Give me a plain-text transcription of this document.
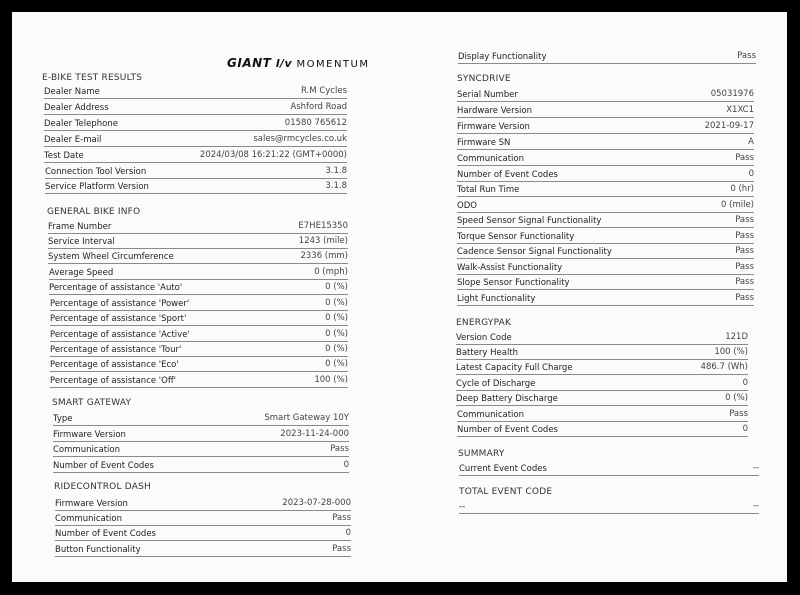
GIANT l/v MOMENTUM
E-BIKE TEST RESULTS
Dealer Name	R.M Cycles
Dealer Address	Ashford Road
Dealer Telephone	01580 765612
Dealer E-mail	sales@rmcycles.co.uk
Test Date	2024/03/08 16:21:22 (GMT+0000)
Connection Tool Version	3.1.8
Service Platform Version	3.1.8
GENERAL BIKE INFO
Frame Number	E7HE15350
Service Interval	1243 (mile)
System Wheel Circumference	2336 (mm)
Average Speed	0 (mph)
Percentage of assistance 'Auto'	0 (%)
Percentage of assistance 'Power'	0 (%)
Percentage of assistance 'Sport'	0 (%)
Percentage of assistance 'Active'	0 (%)
Percentage of assistance 'Tour'	0 (%)
Percentage of assistance 'Eco'	0 (%)
Percentage of assistance 'Off'	100 (%)
SMART GATEWAY
Type	Smart Gateway 10Y
Firmware Version	2023-11-24-000
Communication	Pass
Number of Event Codes	0
RIDECONTROL DASH
Firmware Version	2023-07-28-000
Communication	Pass
Number of Event Codes	0
Button Functionality	Pass
Display Functionality	Pass
SYNCDRIVE
Serial Number	05031976
Hardware Version	X1XC1
Firmware Version	2021-09-17
Firmware SN	A
Communication	Pass
Number of Event Codes	0
Total Run Time	0 (hr)
ODO	0 (mile)
Speed Sensor Signal Functionality	Pass
Torque Sensor Functionality	Pass
Cadence Sensor Signal Functionality	Pass
Walk-Assist Functionality	Pass
Slope Sensor Functionality	Pass
Light Functionality	Pass
ENERGYPAK
Version Code	121D
Battery Health	100 (%)
Latest Capacity Full Charge	486.7 (Wh)
Cycle of Discharge	0
Deep Battery Discharge	0 (%)
Communication	Pass
Number of Event Codes	0
SUMMARY
Current Event Codes	--
TOTAL EVENT CODE
--	--
